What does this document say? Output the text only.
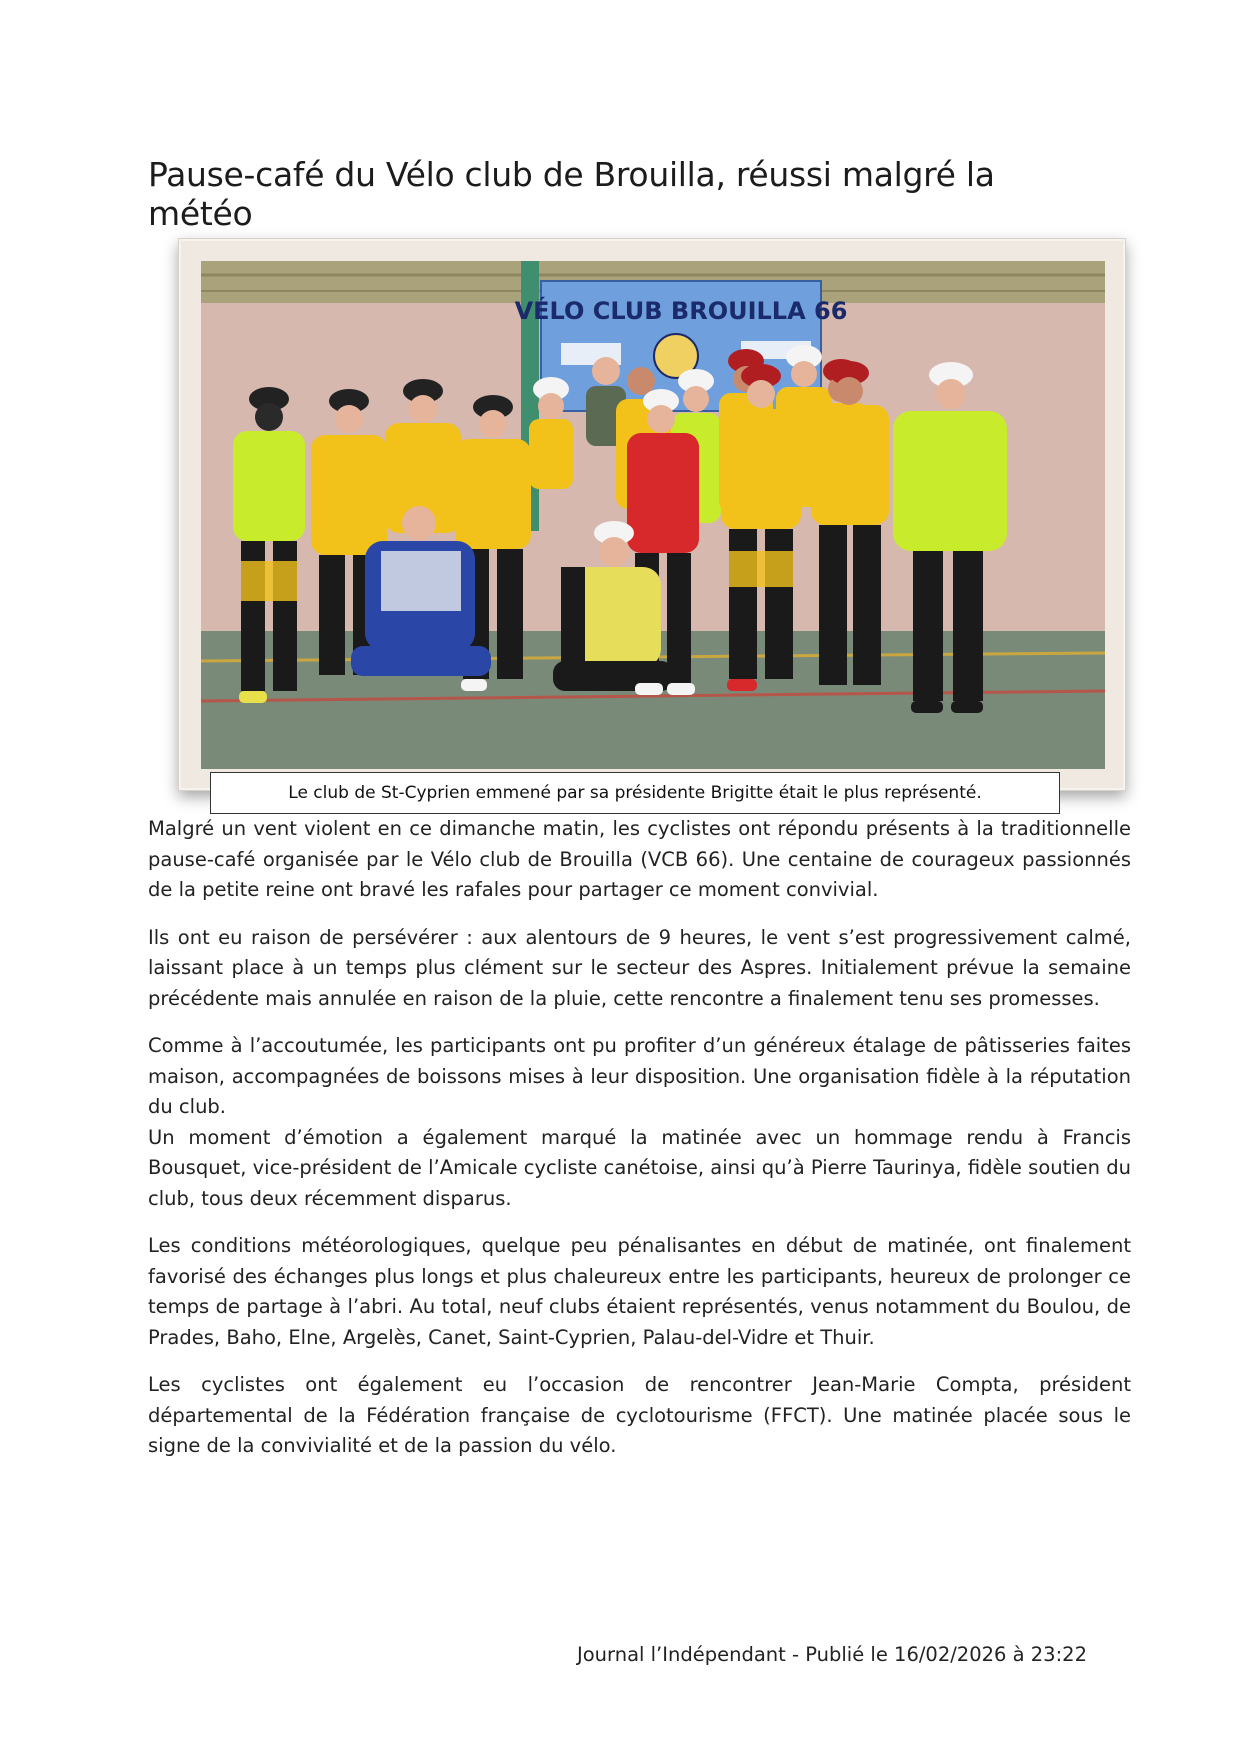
Pause-café du Vélo club de Brouilla, réussi malgré la météo
VÉLO CLUB BROUILLA 66
Le club de St-Cyprien emmené par sa présidente Brigitte était le plus représenté.

Malgré un vent violent en ce dimanche matin, les cyclistes ont répondu présents à la traditionnelle pause-café organisée par le Vélo club de Brouilla (VCB 66). Une centaine de courageux passionnés de la petite reine ont bravé les rafales pour partager ce moment convivial.

Ils ont eu raison de persévérer : aux alentours de 9 heures, le vent s’est progressivement calmé, laissant place à un temps plus clément sur le secteur des Aspres. Initialement prévue la semaine précédente mais annulée en raison de la pluie, cette rencontre a finalement tenu ses promesses.

Comme à l’accoutumée, les participants ont pu profiter d’un généreux étalage de pâtisseries faites maison, accompagnées de boissons mises à leur disposition. Une organisation fidèle à la réputation du club.

Un moment d’émotion a également marqué la matinée avec un hommage rendu à Francis Bousquet, vice-président de l’Amicale cycliste canétoise, ainsi qu’à Pierre Taurinya, fidèle soutien du club, tous deux récemment disparus.

Les conditions météorologiques, quelque peu pénalisantes en début de matinée, ont finalement favorisé des échanges plus longs et plus chaleureux entre les participants, heureux de prolonger ce temps de partage à l’abri. Au total, neuf clubs étaient représentés, venus notamment du Boulou, de Prades, Baho, Elne, Argelès, Canet, Saint-Cyprien, Palau-del-Vidre et Thuir.

Les cyclistes ont également eu l’occasion de rencontrer Jean-Marie Compta, président départemental de la Fédération française de cyclotourisme (FFCT). Une matinée placée sous le signe de la convivialité et de la passion du vélo.

Journal l’Indépendant - Publié le 16/02/2026 à 23:22
